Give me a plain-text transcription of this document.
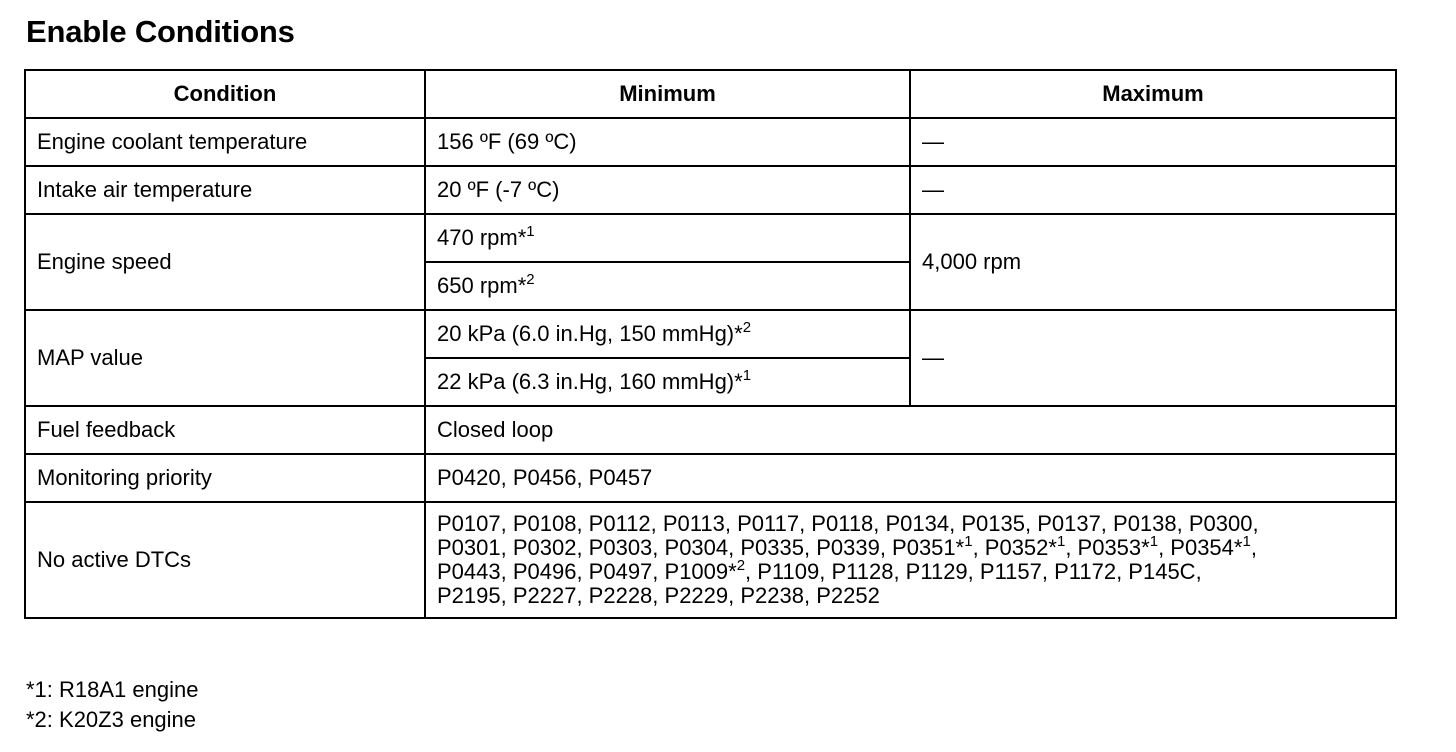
Enable Conditions
Condition	Minimum	Maximum
Engine coolant temperature	156 ºF (69 ºC)	—
Intake air temperature	20 ºF (-7 ºC)	—
Engine speed	470 rpm*$^1$	4,000 rpm
	650 rpm*$^2$
MAP value	20 kPa (6.0 in.Hg, 150 mmHg)*$^2$	—
	22 kPa (6.3 in.Hg, 160 mmHg)*$^1$
Fuel feedback	Closed loop	
Monitoring priority	P0420, P0456, P0457	
No active DTCs	P0107, P0108, P0112, P0113, P0117, P0118, P0134, P0135, P0137, P0138, P0300,
P0301, P0302, P0303, P0304, P0335, P0339, P0351*$^1$, P0352*$^1$, P0353*$^1$, P0354*$^1$,
P0443, P0496, P0497, P1009*$^2$, P1109, P1128, P1129, P1157, P1172, P145C,
P2195, P2227, P2228, P2229, P2238, P2252	
*1: R18A1 engine
*2: K20Z3 engine
